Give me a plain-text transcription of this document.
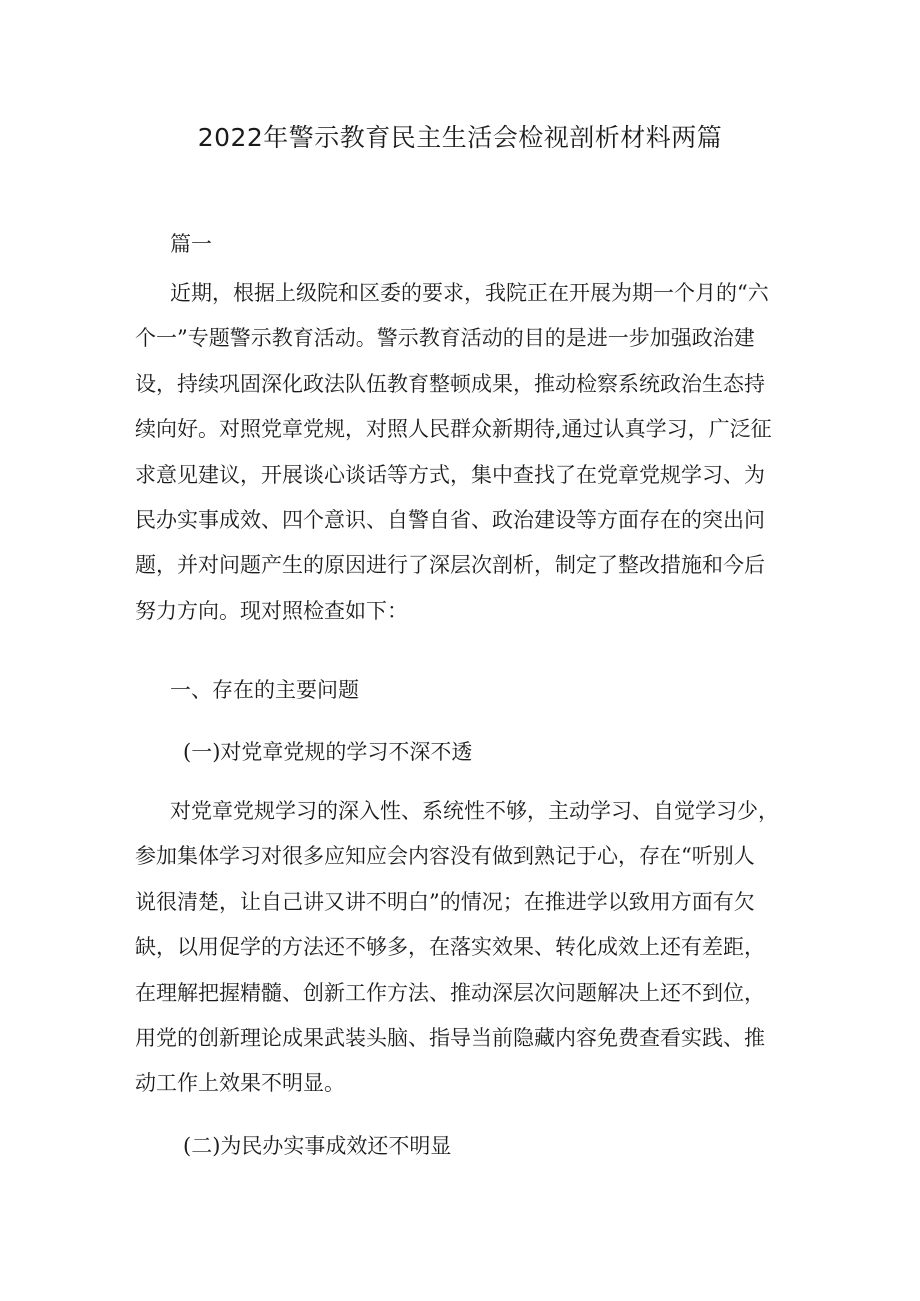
2022年警示教育民主生活会检视剖析材料两篇
篇一
近期，根据上级院和区委的要求，我院正在开展为期一个月的“六
个一”专题警示教育活动。警示教育活动的目的是进一步加强政治建
设，持续巩固深化政法队伍教育整顿成果，推动检察系统政治生态持
续向好。对照党章党规，对照人民群众新期待,通过认真学习，广泛征
求意见建议，开展谈心谈话等方式，集中查找了在党章党规学习、为
民办实事成效、四个意识、自警自省、政治建设等方面存在的突出问
题，并对问题产生的原因进行了深层次剖析，制定了整改措施和今后
努力方向。现对照检查如下：
一、存在的主要问题
(一)对党章党规的学习不深不透
对党章党规学习的深入性、系统性不够，主动学习、自觉学习少，
参加集体学习对很多应知应会内容没有做到熟记于心，存在“听别人
说很清楚，让自己讲又讲不明白”的情况；在推进学以致用方面有欠
缺，以用促学的方法还不够多，在落实效果、转化成效上还有差距，
在理解把握精髓、创新工作方法、推动深层次问题解决上还不到位，
用党的创新理论成果武装头脑、指导当前隐藏内容免费查看实践、推
动工作上效果不明显。
(二)为民办实事成效还不明显
